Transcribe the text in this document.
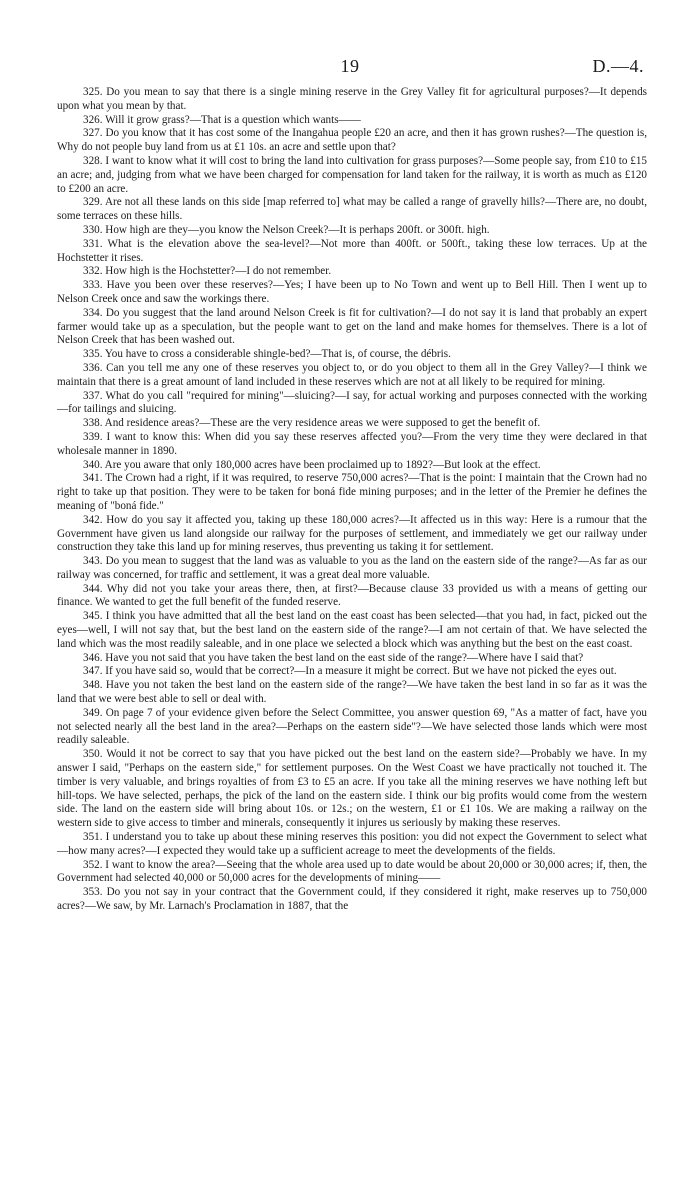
19	D.—4.

325. Do you mean to say that there is a single mining reserve in the Grey Valley fit for agricultural purposes?—It depends upon what you mean by that.

326. Will it grow grass?—That is a question which wants——

327. Do you know that it has cost some of the Inangahua people £20 an acre, and then it has grown rushes?—The question is, Why do not people buy land from us at £1 10s. an acre and settle upon that?

328. I want to know what it will cost to bring the land into cultivation for grass purposes?—Some people say, from £10 to £15 an acre; and, judging from what we have been charged for compensation for land taken for the railway, it is worth as much as £120 to £200 an acre.

329. Are not all these lands on this side [map referred to] what may be called a range of gravelly hills?—There are, no doubt, some terraces on these hills.

330. How high are they—you know the Nelson Creek?—It is perhaps 200ft. or 300ft. high.

331. What is the elevation above the sea-level?—Not more than 400ft. or 500ft., taking these low terraces. Up at the Hochstetter it rises.

332. How high is the Hochstetter?—I do not remember.

333. Have you been over these reserves?—Yes; I have been up to No Town and went up to Bell Hill. Then I went up to Nelson Creek once and saw the workings there.

334. Do you suggest that the land around Nelson Creek is fit for cultivation?—I do not say it is land that probably an expert farmer would take up as a speculation, but the people want to get on the land and make homes for themselves. There is a lot of Nelson Creek that has been washed out.

335. You have to cross a considerable shingle-bed?—That is, of course, the débris.

336. Can you tell me any one of these reserves you object to, or do you object to them all in the Grey Valley?—I think we maintain that there is a great amount of land included in these reserves which are not at all likely to be required for mining.

337. What do you call "required for mining"—sluicing?—I say, for actual working and purposes connected with the working—for tailings and sluicing.

338. And residence areas?—These are the very residence areas we were supposed to get the benefit of.

339. I want to know this: When did you say these reserves affected you?—From the very time they were declared in that wholesale manner in 1890.

340. Are you aware that only 180,000 acres have been proclaimed up to 1892?—But look at the effect.

341. The Crown had a right, if it was required, to reserve 750,000 acres?—That is the point: I maintain that the Crown had no right to take up that position. They were to be taken for boná fide mining purposes; and in the letter of the Premier he defines the meaning of "boná fide."

342. How do you say it affected you, taking up these 180,000 acres?—It affected us in this way: Here is a rumour that the Government have given us land alongside our railway for the purposes of settlement, and immediately we get our railway under construction they take this land up for mining reserves, thus preventing us taking it for settlement.

343. Do you mean to suggest that the land was as valuable to you as the land on the eastern side of the range?—As far as our railway was concerned, for traffic and settlement, it was a great deal more valuable.

344. Why did not you take your areas there, then, at first?—Because clause 33 provided us with a means of getting our finance. We wanted to get the full benefit of the funded reserve.

345. I think you have admitted that all the best land on the east coast has been selected—that you had, in fact, picked out the eyes—well, I will not say that, but the best land on the eastern side of the range?—I am not certain of that. We have selected the land which was the most readily saleable, and in one place we selected a block which was anything but the best on the east coast.

346. Have you not said that you have taken the best land on the east side of the range?—Where have I said that?

347. If you have said so, would that be correct?—In a measure it might be correct. But we have not picked the eyes out.

348. Have you not taken the best land on the eastern side of the range?—We have taken the best land in so far as it was the land that we were best able to sell or deal with.

349. On page 7 of your evidence given before the Select Committee, you answer question 69, "As a matter of fact, have you not selected nearly all the best land in the area?—Perhaps on the eastern side"?—We have selected those lands which were most readily saleable.

350. Would it not be correct to say that you have picked out the best land on the eastern side?—Probably we have. In my answer I said, "Perhaps on the eastern side," for settlement purposes. On the West Coast we have practically not touched it. The timber is very valuable, and brings royalties of from £3 to £5 an acre. If you take all the mining reserves we have nothing left but hill-tops. We have selected, perhaps, the pick of the land on the eastern side. I think our big profits would come from the western side. The land on the eastern side will bring about 10s. or 12s.; on the western, £1 or £1 10s. We are making a railway on the western side to give access to timber and minerals, consequently it injures us seriously by making these reserves.

351. I understand you to take up about these mining reserves this position: you did not expect the Government to select what—how many acres?—I expected they would take up a sufficient acreage to meet the developments of the fields.

352. I want to know the area?—Seeing that the whole area used up to date would be about 20,000 or 30,000 acres; if, then, the Government had selected 40,000 or 50,000 acres for the developments of mining——

353. Do you not say in your contract that the Government could, if they considered it right, make reserves up to 750,000 acres?—We saw, by Mr. Larnach's Proclamation in 1887, that the
